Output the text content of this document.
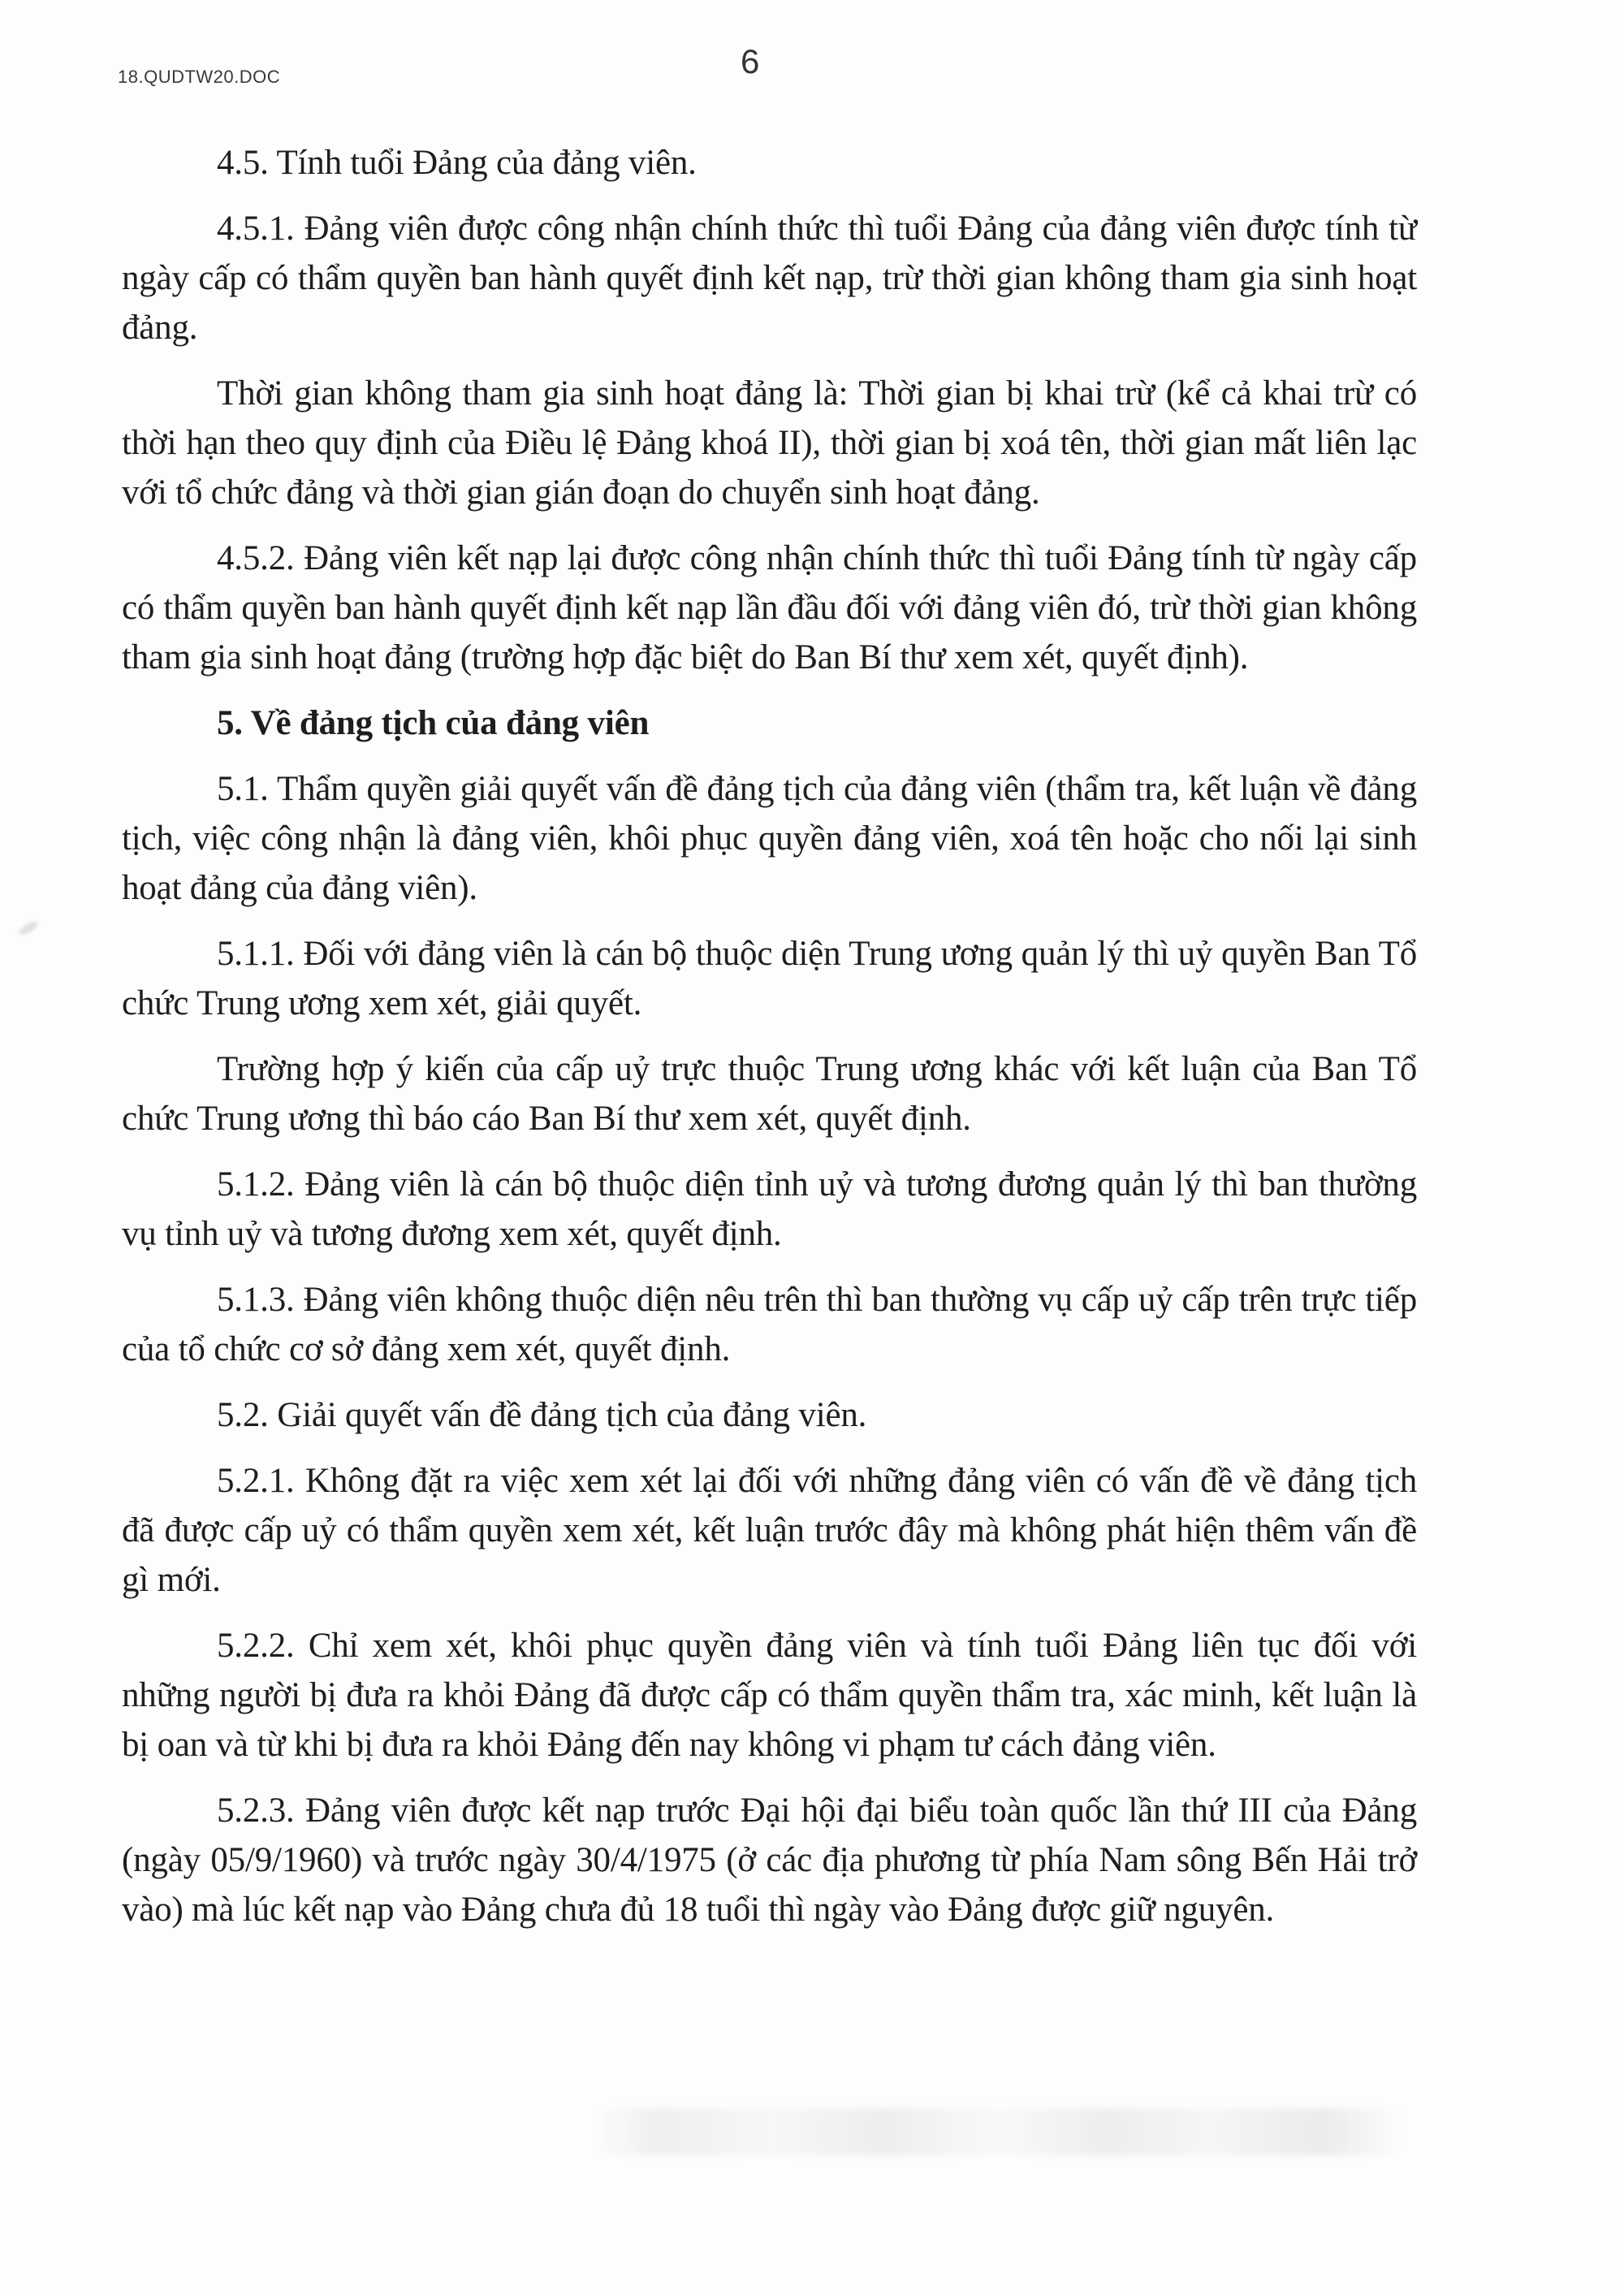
18.QUDTW20.DOC	6

4.5. Tính tuổi Đảng của đảng viên.

4.5.1. Đảng viên được công nhận chính thức thì tuổi Đảng của đảng viên được tính từ ngày cấp có thẩm quyền ban hành quyết định kết nạp, trừ thời gian không tham gia sinh hoạt đảng.

Thời gian không tham gia sinh hoạt đảng là: Thời gian bị khai trừ (kể cả khai trừ có thời hạn theo quy định của Điều lệ Đảng khoá II), thời gian bị xoá tên, thời gian mất liên lạc với tổ chức đảng và thời gian gián đoạn do chuyển sinh hoạt đảng.

4.5.2. Đảng viên kết nạp lại được công nhận chính thức thì tuổi Đảng tính từ ngày cấp có thẩm quyền ban hành quyết định kết nạp lần đầu đối với đảng viên đó, trừ thời gian không tham gia sinh hoạt đảng (trường hợp đặc biệt do Ban Bí thư xem xét, quyết định).

5. Về đảng tịch của đảng viên

5.1. Thẩm quyền giải quyết vấn đề đảng tịch của đảng viên (thẩm tra, kết luận về đảng tịch, việc công nhận là đảng viên, khôi phục quyền đảng viên, xoá tên hoặc cho nối lại sinh hoạt đảng của đảng viên).

5.1.1. Đối với đảng viên là cán bộ thuộc diện Trung ương quản lý thì uỷ quyền Ban Tổ chức Trung ương xem xét, giải quyết.

Trường hợp ý kiến của cấp uỷ trực thuộc Trung ương khác với kết luận của Ban Tổ chức Trung ương thì báo cáo Ban Bí thư xem xét, quyết định.

5.1.2. Đảng viên là cán bộ thuộc diện tỉnh uỷ và tương đương quản lý thì ban thường vụ tỉnh uỷ và tương đương xem xét, quyết định.

5.1.3. Đảng viên không thuộc diện nêu trên thì ban thường vụ cấp uỷ cấp trên trực tiếp của tổ chức cơ sở đảng xem xét, quyết định.

5.2. Giải quyết vấn đề đảng tịch của đảng viên.

5.2.1. Không đặt ra việc xem xét lại đối với những đảng viên có vấn đề về đảng tịch đã được cấp uỷ có thẩm quyền xem xét, kết luận trước đây mà không phát hiện thêm vấn đề gì mới.

5.2.2. Chỉ xem xét, khôi phục quyền đảng viên và tính tuổi Đảng liên tục đối với những người bị đưa ra khỏi Đảng đã được cấp có thẩm quyền thẩm tra, xác minh, kết luận là bị oan và từ khi bị đưa ra khỏi Đảng đến nay không vi phạm tư cách đảng viên.

5.2.3. Đảng viên được kết nạp trước Đại hội đại biểu toàn quốc lần thứ III của Đảng (ngày 05/9/1960) và trước ngày 30/4/1975 (ở các địa phương từ phía Nam sông Bến Hải trở vào) mà lúc kết nạp vào Đảng chưa đủ 18 tuổi thì ngày vào Đảng được giữ nguyên.
